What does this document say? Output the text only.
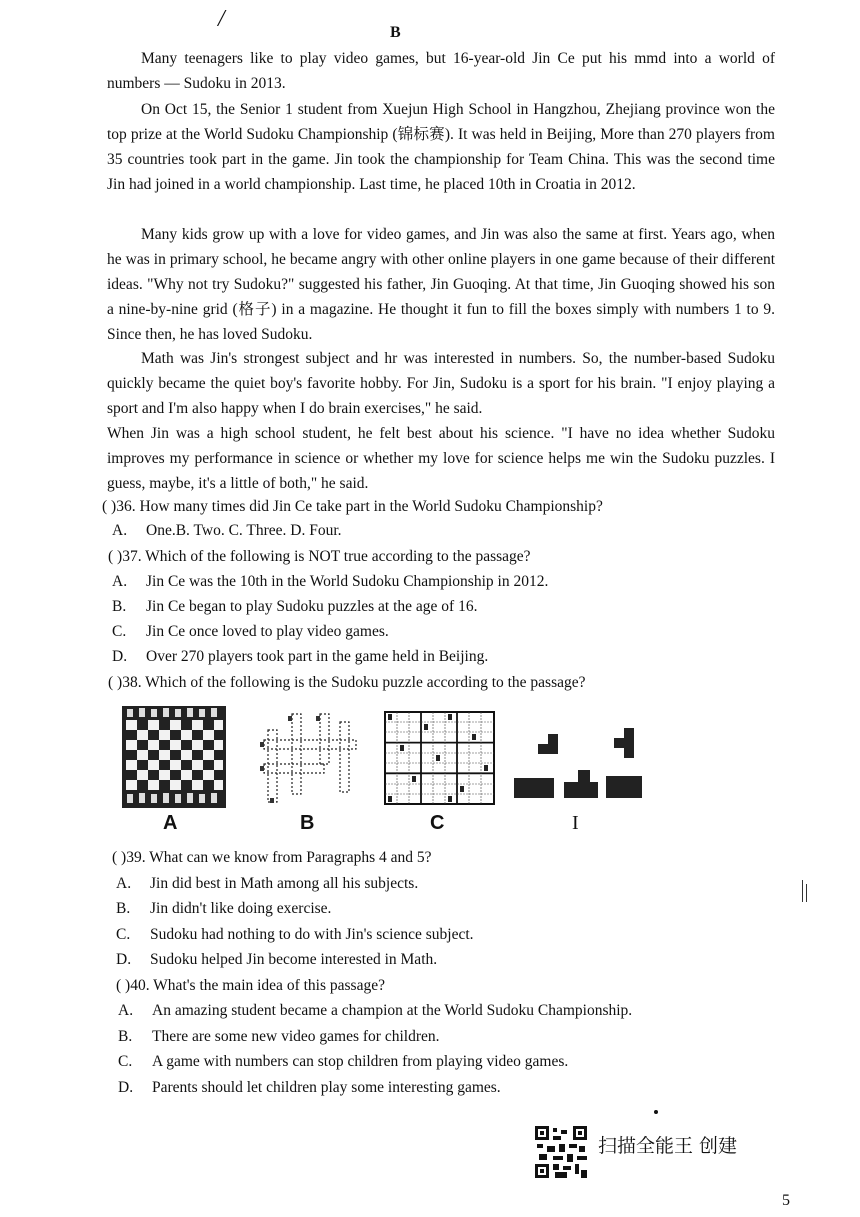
/
B

Many teenagers like to play video games, but 16-year-old Jin Ce put his mmd into a world of numbers — Sudoku in 2013.

On Oct 15, the Senior 1 student from Xuejun High School in Hangzhou, Zhejiang province won the top prize at the World Sudoku Championship (锦标赛). It was held in Beijing, More than 270 players from 35 countries took part in the game. Jin took the championship for Team China. This was the second time Jin had joined in a world championship. Last time, he placed 10th in Croatia in 2012.

Many kids grow up with a love for video games, and Jin was also the same at first. Years ago, when he was in primary school, he became angry with other online players in one game because of their different ideas. "Why not try Sudoku?" suggested his father, Jin Guoqing. At that time, Jin Guoqing showed his son a nine-by-nine grid (格子) in a magazine. He thought it fun to fill the boxes simply with numbers 1 to 9. Since then, he has loved Sudoku.

Math was Jin's strongest subject and hr was interested in numbers. So, the number-based Sudoku quickly became the quiet boy's favorite hobby. For Jin, Sudoku is a sport for his brain. "I enjoy playing a sport and I'm also happy when I do brain exercises," he said.

When Jin was a high school student, he felt best about his science. "I have no idea whether Sudoku improves my performance in science or whether my love for science helps me win the Sudoku puzzles. I guess, maybe, it's a little of both," he said.

( )36. How many times did Jin Ce take part in the World Sudoku Championship?
A. One.B. Two. C. Three. D. Four.
( )37. Which of the following is NOT true according to the passage?
A. Jin Ce was the 10th in the World Sudoku Championship in 2012.
B. Jin Ce began to play Sudoku puzzles at the age of 16.
C. Jin Ce once loved to play video games.
D. Over 270 players took part in the game held in Beijing.
( )38. Which of the following is the Sudoku puzzle according to the passage?
A	B	C	I
( )39. What can we know from Paragraphs 4 and 5?
A. Jin did best in Math among all his subjects.
B. Jin didn't like doing exercise.
C. Sudoku had nothing to do with Jin's science subject.
D. Sudoku helped Jin become interested in Math.
( )40. What's the main idea of this passage?
A. An amazing student became a champion at the World Sudoku Championship.
B. There are some new video games for children.
C. A game with numbers can stop children from playing video games.
D. Parents should let children play some interesting games.
扫描全能王 创建
5
